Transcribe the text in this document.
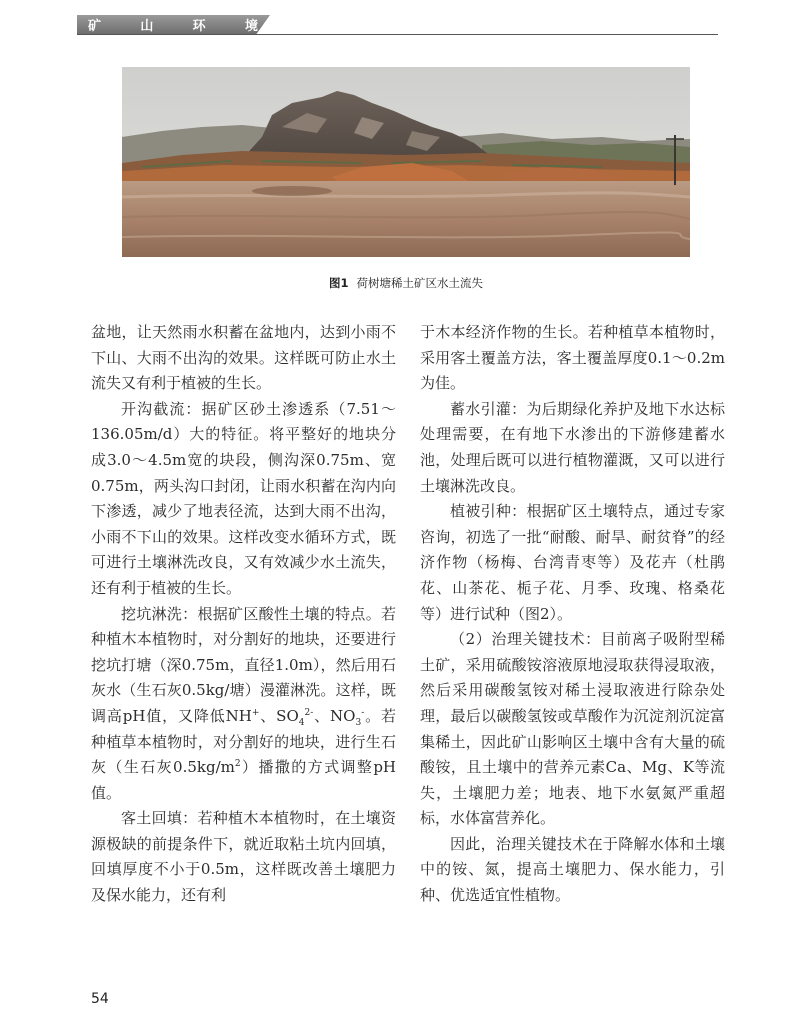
矿	山	环	境
图1 荷树塘稀土矿区水土流失

盆地，让天然雨水积蓄在盆地内，达到小雨不下山、大雨不出沟的效果。这样既可防止水土流失又有利于植被的生长。

开沟截流：据矿区砂土渗透系（7.51～136.05m/d）大的特征。将平整好的地块分成3.0～4.5m宽的块段，侧沟深0.75m、宽0.75m，两头沟口封闭，让雨水积蓄在沟内向下渗透，减少了地表径流，达到大雨不出沟，小雨不下山的效果。这样改变水循环方式，既可进行土壤淋洗改良，又有效减少水土流失，还有利于植被的生长。

挖坑淋洗：根据矿区酸性土壤的特点。若种植木本植物时，对分割好的地块，还要进行挖坑打塘（深0.75m，直径1.0m），然后用石灰水（生石灰0.5kg/塘）漫灌淋洗。这样，既调高pH值，又降低NH+、$SO_4^{2-}$、$NO_3^-$。若种植草本植物时，对分割好的地块，进行生石灰（生石灰$0.5kg/m^2$）播撒的方式调整pH值。

客土回填：若种植木本植物时，在土壤资源极缺的前提条件下，就近取粘土坑内回填，回填厚度不小于0.5m，这样既改善土壤肥力及保水能力，还有利

于木本经济作物的生长。若种植草本植物时，采用客土覆盖方法，客土覆盖厚度0.1～0.2m为佳。

蓄水引灌：为后期绿化养护及地下水达标处理需要，在有地下水渗出的下游修建蓄水池，处理后既可以进行植物灌溉，又可以进行土壤淋洗改良。

植被引种：根据矿区土壤特点，通过专家咨询，初选了一批“耐酸、耐旱、耐贫脊”的经济作物（杨梅、台湾青枣等）及花卉（杜鹃花、山茶花、栀子花、月季、玫瑰、格桑花等）进行试种（图2）。

（2）治理关键技术：目前离子吸附型稀土矿，采用硫酸铵溶液原地浸取获得浸取液，然后采用碳酸氢铵对稀土浸取液进行除杂处理，最后以碳酸氢铵或草酸作为沉淀剂沉淀富集稀土，因此矿山影响区土壤中含有大量的硫酸铵，且土壤中的营养元素Ca、Mg、K等流失，土壤肥力差；地表、地下水氨氮严重超标，水体富营养化。

因此，治理关键技术在于降解水体和土壤中的铵、氮，提高土壤肥力、保水能力，引种、优选适宜性植物。

54
